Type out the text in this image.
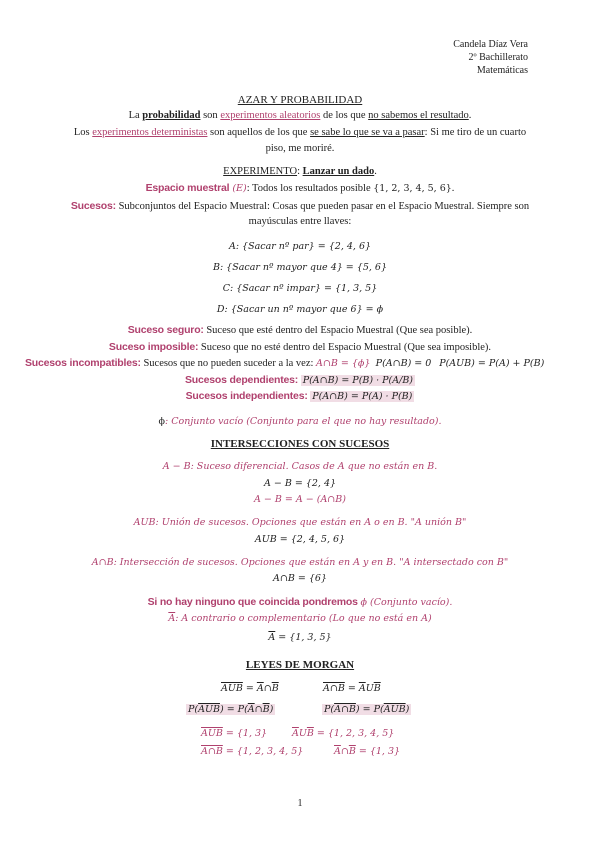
Candela Díaz Vera
2º Bachillerato
Matemáticas
AZAR Y PROBABILIDAD
La probabilidad son experimentos aleatorios de los que no sabemos el resultado.
Los experimentos deterministas son aquellos de los que se sabe lo que se va a pasar: Si me tiro de un cuarto
piso, me moriré.
EXPERIMENTO: Lanzar un dado.
Espacio muestral (E): Todos los resultados posible {1, 2, 3, 4, 5, 6}.
Sucesos: Subconjuntos del Espacio Muestral: Cosas que pueden pasar en el Espacio Muestral. Siempre son
mayúsculas entre llaves:
A: {Sacar nº par} = {2, 4, 6}
B: {Sacar nº mayor que 4} = {5, 6}
C: {Sacar nº impar} = {1, 3, 5}
D: {Sacar un nº mayor que 6} = ϕ
Suceso seguro: Suceso que esté dentro del Espacio Muestral (Que sea posible).
Suceso imposible: Suceso que no esté dentro del Espacio Muestral (Que sea imposible).
Sucesos incompatibles: Sucesos que no pueden suceder a la vez: A∩B = {ϕ} P(A∩B) = 0 P(AUB) = P(A) + P(B)
Sucesos dependientes: P(A∩B) = P(B) · P(A/B)
Sucesos independientes: P(A∩B) = P(A) · P(B)
ϕ: Conjunto vacío (Conjunto para el que no hay resultado).
INTERSECCIONES CON SUCESOS
A − B: Suceso diferencial. Casos de A que no están en B.
A − B = {2, 4}
A − B = A − (A∩B)
AUB: Unión de sucesos. Opciones que están en A o en B. "A unión B"
AUB = {2, 4, 5, 6}
A∩B: Intersección de sucesos. Opciones que están en A y en B. "A intersectado con B"
A∩B = {6}
Si no hay ninguno que coincida pondremos ϕ (Conjunto vacío).
$\overline{A}$: A contrario o complementario (Lo que no está en A)
$\overline{A} = \{1$, 3, 5}
LEYES DE MORGAN
$\overline{AUB}$ = $\overline{A}\cap\overline{B}$	A∩B = $\overline{A}U\overline{B}$
$P(\overline{AUB})$ = $P(\overline{A}\cap\overline{B})$	P(A∩B) = $P(\overline{AUB})$
$\overline{AUB} = \{1$, 3}	$\overline{A}U\overline{B} = \{1$, 2, 3, 4, 5}
A∩B = {1, 2, 3, 4, 5}	$\overline{A}\cap\overline{B} = \{1$, 3}
1
